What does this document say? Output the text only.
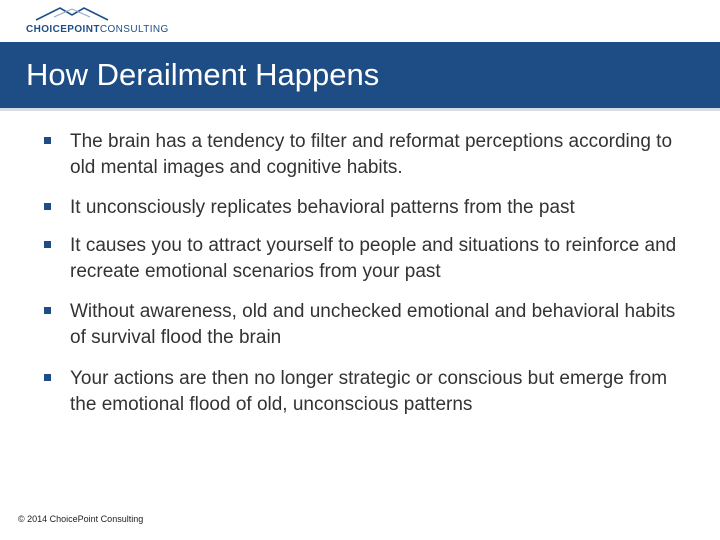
CHOICEPOINTCONSULTING
How Derailment Happens
The brain has a tendency to filter and reformat perceptions according to old mental images and cognitive habits.
It unconsciously replicates behavioral patterns from the past
It causes you to attract yourself to people and situations to reinforce and recreate emotional scenarios from your past
Without awareness, old and unchecked emotional and behavioral habits of survival flood the brain
Your actions are then no longer strategic or conscious but emerge from the emotional flood of old, unconscious patterns
© 2014 ChoicePoint Consulting
